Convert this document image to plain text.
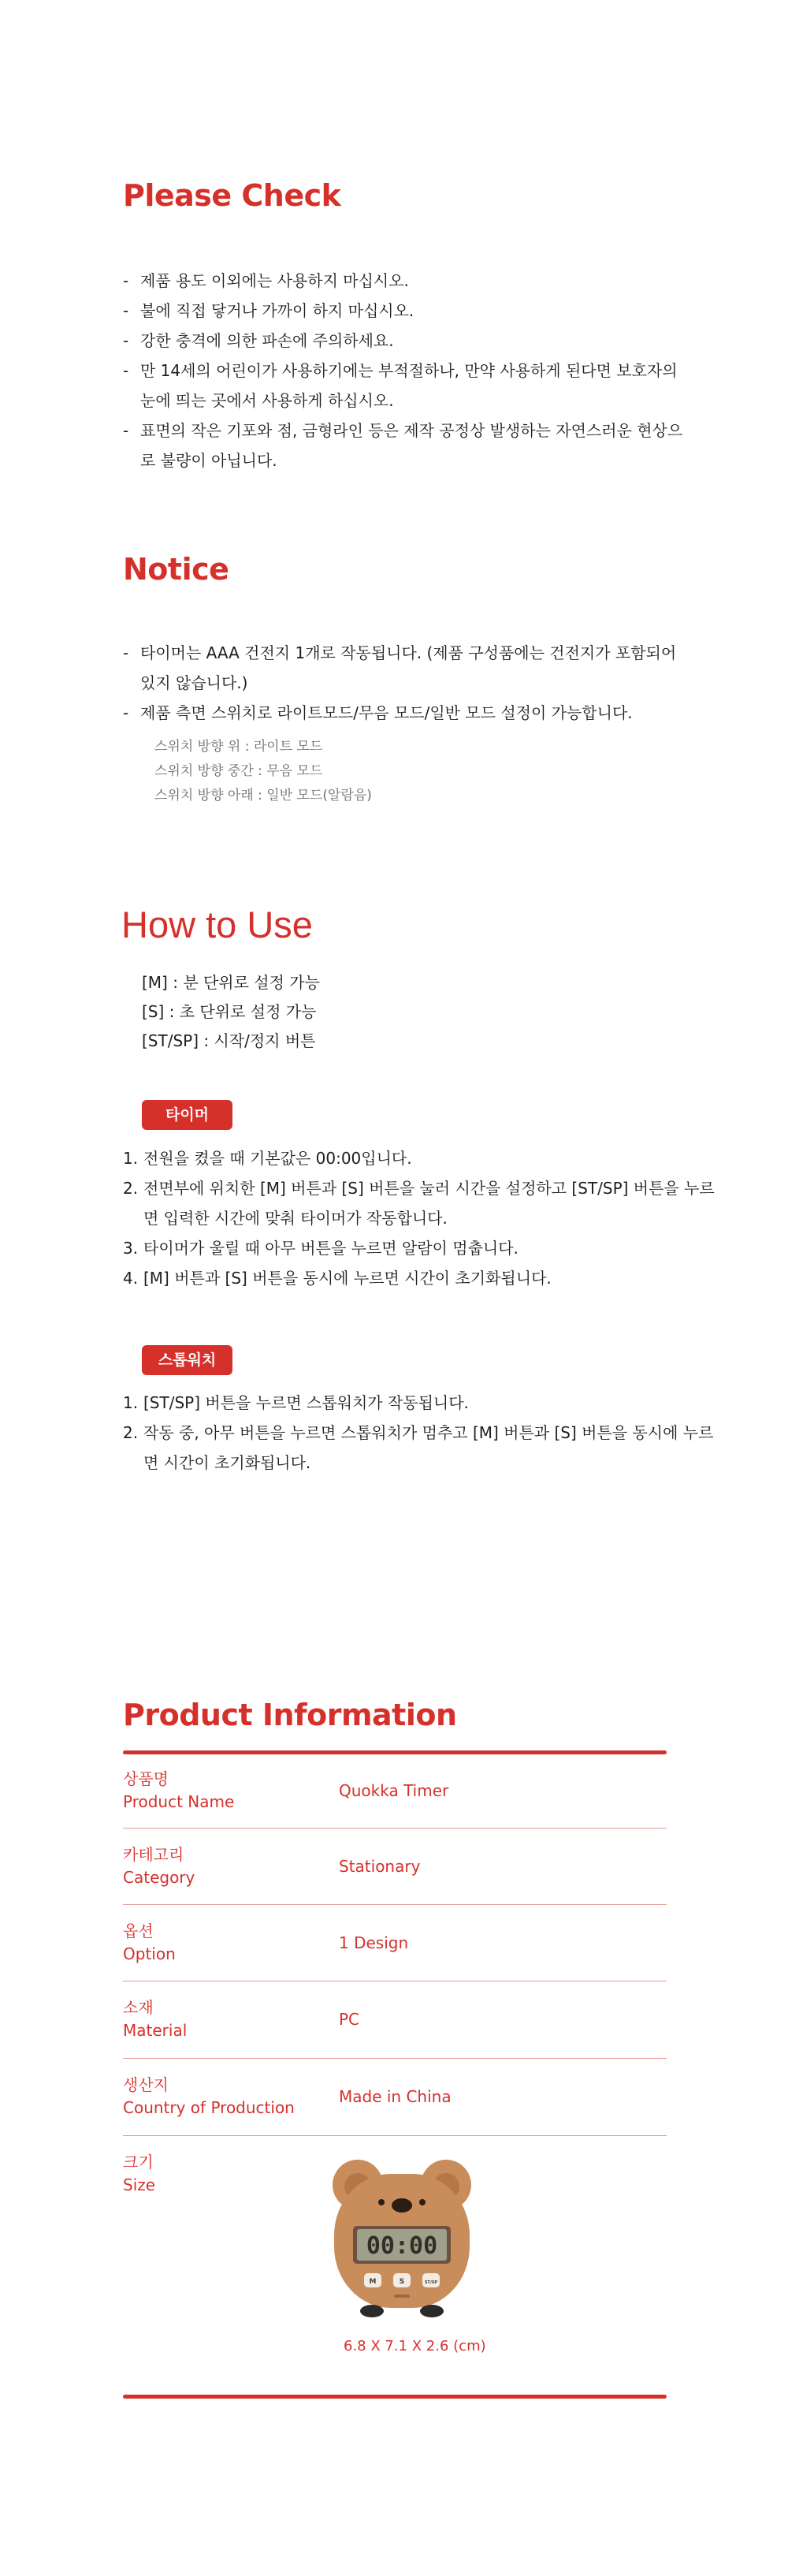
Please Check
- 제품 용도 이외에는 사용하지 마십시오.
- 불에 직접 닿거나 가까이 하지 마십시오.
- 강한 충격에 의한 파손에 주의하세요.
- 만 14세의 어린이가 사용하기에는 부적절하나, 만약 사용하게 된다면 보호자의 눈에 띄는 곳에서 사용하게 하십시오.
- 표면의 작은 기포와 점, 금형라인 등은 제작 공정상 발생하는 자연스러운 현상으로 불량이 아닙니다.
Notice
- 타이머는 AAA 건전지 1개로 작동됩니다. (제품 구성품에는 건전지가 포함되어 있지 않습니다.)
- 제품 측면 스위치로 라이트모드/무음 모드/일반 모드 설정이 가능합니다.
스위치 방향 위 : 라이트 모드
스위치 방향 중간 : 무음 모드
스위치 방향 아래 : 일반 모드(알람음)
How to Use
[M] : 분 단위로 설정 가능
[S] : 초 단위로 설정 가능
[ST/SP] : 시작/정지 버튼
타이머
1. 전원을 켰을 때 기본값은 00:00입니다.
2. 전면부에 위치한 [M] 버튼과 [S] 버튼을 눌러 시간을 설정하고 [ST/SP] 버튼을 누르면 입력한 시간에 맞춰 타이머가 작동합니다.
3. 타이머가 울릴 때 아무 버튼을 누르면 알람이 멈춥니다.
4. [M] 버튼과 [S] 버튼을 동시에 누르면 시간이 초기화됩니다.
스톱워치
1. [ST/SP] 버튼을 누르면 스톱워치가 작동됩니다.
2. 작동 중, 아무 버튼을 누르면 스톱워치가 멈추고 [M] 버튼과 [S] 버튼을 동시에 누르면 시간이 초기화됩니다.
Product Information
상품명
Product Name
Quokka Timer
카테고리
Category
Stationary
옵션
Option
1 Design
소재
Material
PC
생산지
Country of Production
Made in China
크기
Size
00:00
M	S	ST/SP
6.8 X 7.1 X 2.6 (cm)
